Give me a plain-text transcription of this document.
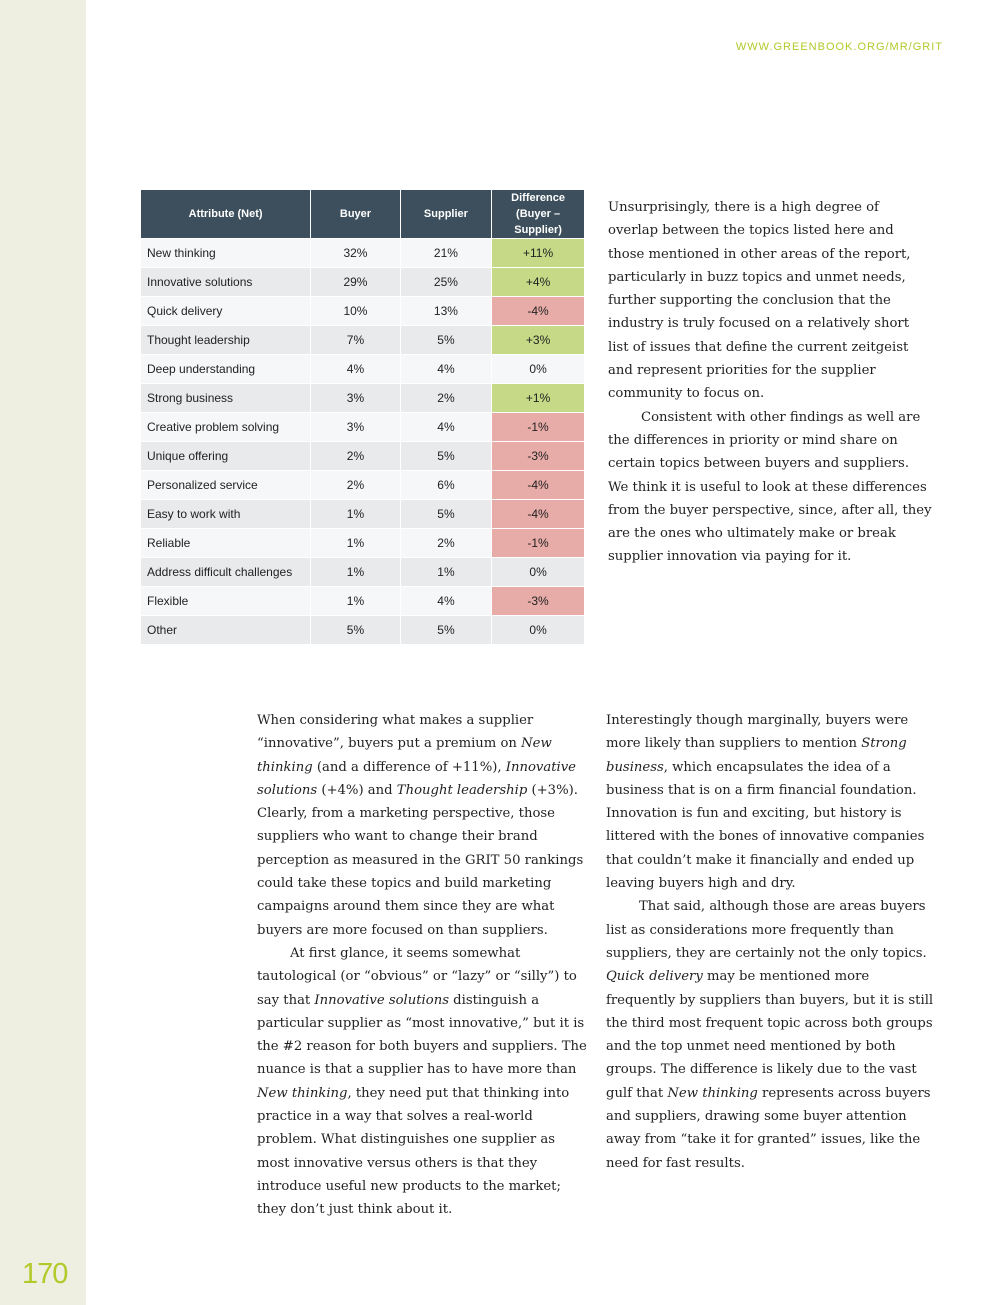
170
WWW.GREENBOOK.ORG/MR/GRIT
Attribute (Net)	Buyer	Supplier	Difference (Buyer – Supplier)
New thinking	32%	21%	+11%
Innovative solutions	29%	25%	+4%
Quick delivery	10%	13%	-4%
Thought leadership	7%	5%	+3%
Deep understanding	4%	4%	0%
Strong business	3%	2%	+1%
Creative problem solving	3%	4%	-1%
Unique offering	2%	5%	-3%
Personalized service	2%	6%	-4%
Easy to work with	1%	5%	-4%
Reliable	1%	2%	-1%
Address difficult challenges	1%	1%	0%
Flexible	1%	4%	-3%
Other	5%	5%	0%

Unsurprisingly, there is a high degree of overlap between the topics listed here and those mentioned in other areas of the report, particularly in buzz topics and unmet needs, further supporting the conclusion that the industry is truly focused on a relatively short list of issues that define the current zeitgeist and represent priorities for the supplier community to focus on.

Consistent with other findings as well are the differences in priority or mind share on certain topics between buyers and suppliers. We think it is useful to look at these differences from the buyer perspective, since, after all, they are the ones who ultimately make or break supplier innovation via paying for it.

When considering what makes a supplier “innovative”, buyers put a premium on New thinking (and a difference of +11%), Innovative solutions (+4%) and Thought leadership (+3%). Clearly, from a marketing perspective, those suppliers who want to change their brand perception as measured in the GRIT 50 rankings could take these topics and build marketing campaigns around them since they are what buyers are more focused on than suppliers.

At first glance, it seems somewhat tautological (or “obvious” or “lazy” or “silly”) to say that Innovative solutions distinguish a particular supplier as “most innovative,” but it is the #2 reason for both buyers and suppliers. The nuance is that a supplier has to have more than New thinking, they need put that thinking into practice in a way that solves a real-world problem. What distinguishes one supplier as most innovative versus others is that they introduce useful new products to the market; they don’t just think about it.

Interestingly though marginally, buyers were more likely than suppliers to mention Strong business, which encapsulates the idea of a business that is on a firm financial foundation. Innovation is fun and exciting, but history is littered with the bones of innovative companies that couldn’t make it financially and ended up leaving buyers high and dry.

That said, although those are areas buyers list as considerations more frequently than suppliers, they are certainly not the only topics. Quick delivery may be mentioned more frequently by suppliers than buyers, but it is still the third most frequent topic across both groups and the top unmet need mentioned by both groups. The difference is likely due to the vast gulf that New thinking represents across buyers and suppliers, drawing some buyer attention away from “take it for granted” issues, like the need for fast results.
